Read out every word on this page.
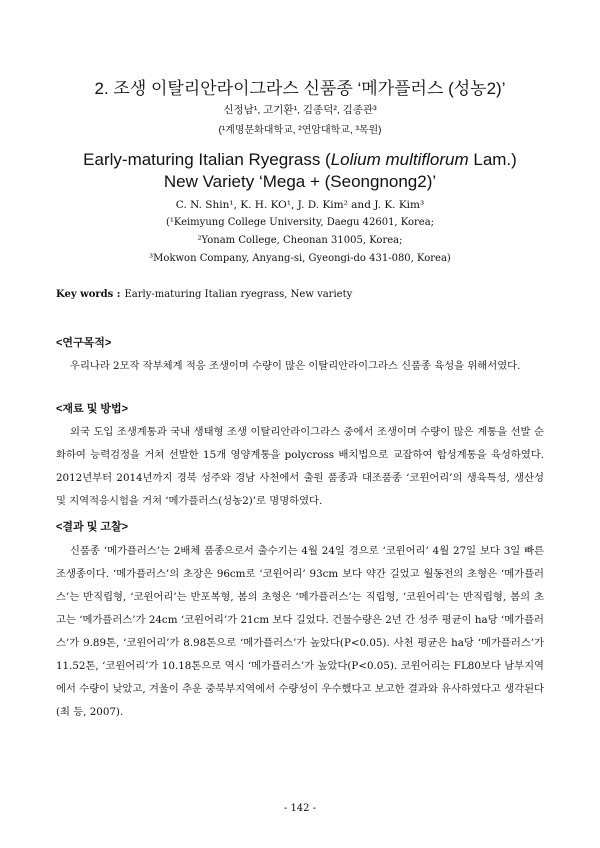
2. 조생 이탈리안라이그라스 신품종 ‘메가플러스 (성농2)’
신정남¹, 고기환¹, 김종덕², 김종관³
(¹계명문화대학교, ²연암대학교, ³목원)
Early-maturing Italian Ryegrass (Lolium multiflorum Lam.)
New Variety ‘Mega + (Seongnong2)’
C. N. Shin¹, K. H. KO¹, J. D. Kim² and J. K. Kim³
(¹Keimyung College University, Daegu 42601, Korea;
²Yonam College, Cheonan 31005, Korea;
³Mokwon Company, Anyang-si, Gyeongi-do 431-080, Korea)
Key words : Early-maturing Italian ryegrass, New variety
<연구목적>
우리나라 2모작 작부체계 적응 조생이며 수량이 많은 이탈리안라이그라스 신품종 육성을 위해서였다.
<재료 및 방법>
외국 도입 조생계통과 국내 생태형 조생 이탈리안라이그라스 중에서 조생이며 수량이 많은 계통을 선발 순화하여 능력검정을 거쳐 선발한 15개 영양계통을 polycross 배치법으로 교잡하여 합성계통을 육성하였다. 2012년부터 2014년까지 경북 성주와 경남 사천에서 출원 품종과 대조품종 ‘코윈어리’의 생육특성, 생산성 및 지역적응시험을 거쳐 ‘메가플러스(성농2)’로 명명하였다.
<결과 및 고찰>
신품종 ‘메가플러스’는 2배체 품종으로서 출수기는 4월 24일 경으로 ‘코윈어리’ 4월 27일 보다 3일 빠른 조생종이다. ‘메가플러스’의 초장은 96cm로 ‘코윈어리’ 93cm 보다 약간 길었고 월동전의 초형은 ‘메가플러스’는 반직립형, ‘코윈어리’는 반포복형, 봄의 초형은 ‘메가플러스’는 직립형, ‘코윈어리’는 반직립형, 봄의 초고는 ‘메가플러스’가 24cm ‘코윈어리’가 21cm 보다 길었다. 건물수량은 2년 간 성주 평균이 ha당 ‘메가플러스’가 9.89톤, ‘코윈어리’가 8.98톤으로 ‘메가플러스’가 높았다(P<0.05). 사천 평균은 ha당 ‘메가플러스’가 11.52톤, ‘코윈어리’가 10.18톤으로 역시 ‘메가플러스’가 높았다(P<0.05). 코윈어리는 FL80보다 남부지역에서 수량이 낮았고, 겨울이 추운 중북부지역에서 수량성이 우수했다고 보고한 결과와 유사하였다고 생각된다(최 등, 2007).
- 142 -
